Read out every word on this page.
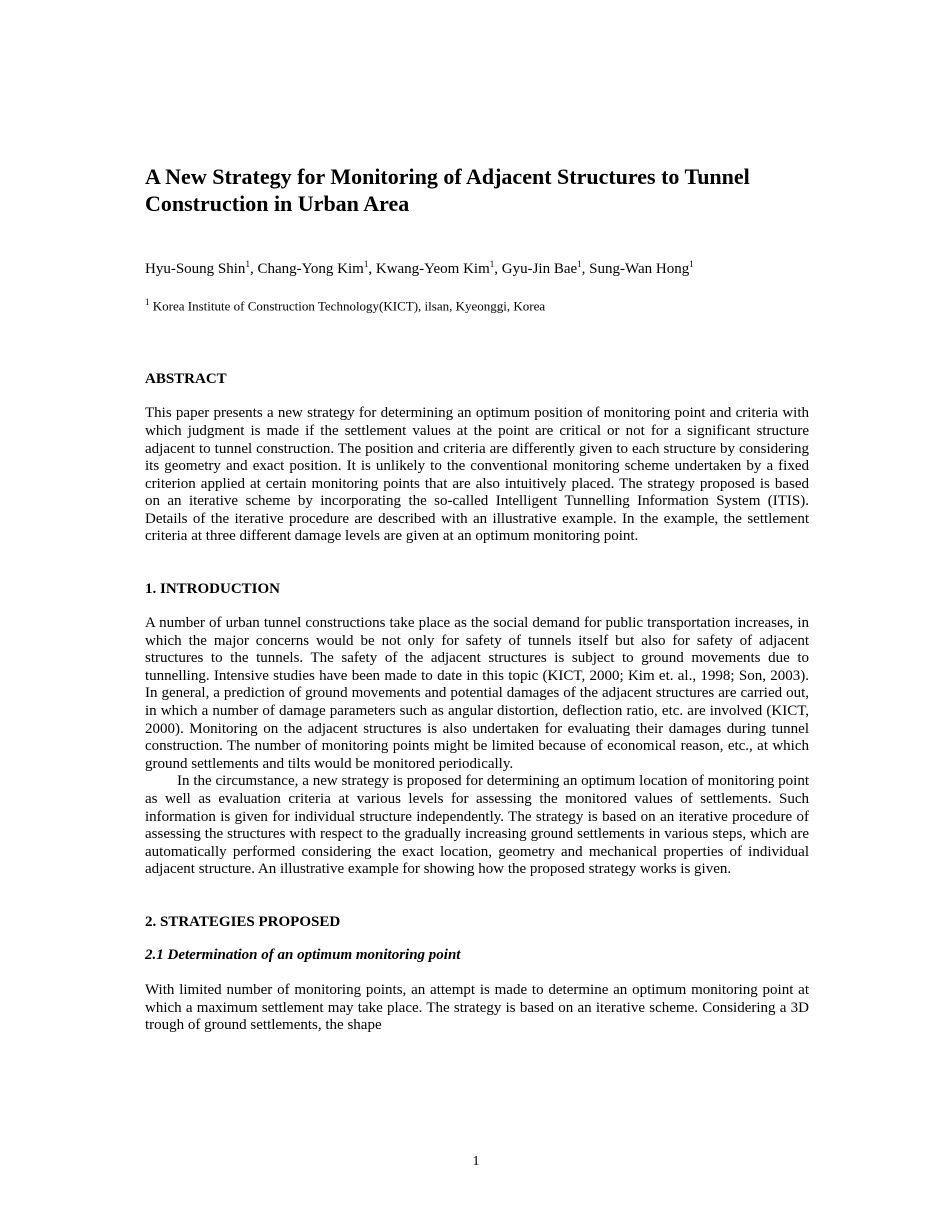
A New Strategy for Monitoring of Adjacent Structures to Tunnel Construction in Urban Area
Hyu-Soung Shin$^1$, Chang-Yong Kim$^1$, Kwang-Yeom Kim$^1$, Gyu-Jin Bae$^1$, Sung-Wan Hong$^1$
$^1$ Korea Institute of Construction Technology(KICT), ilsan, Kyeonggi, Korea
ABSTRACT

This paper presents a new strategy for determining an optimum position of monitoring point and criteria with which judgment is made if the settlement values at the point are critical or not for a significant structure adjacent to tunnel construction. The position and criteria are differently given to each structure by considering its geometry and exact position. It is unlikely to the conventional monitoring scheme undertaken by a fixed criterion applied at certain monitoring points that are also intuitively placed. The strategy proposed is based on an iterative scheme by incorporating the so-called Intelligent Tunnelling Information System (ITIS). Details of the iterative procedure are described with an illustrative example. In the example, the settlement criteria at three different damage levels are given at an optimum monitoring point.

1. INTRODUCTION

A number of urban tunnel constructions take place as the social demand for public transportation increases, in which the major concerns would be not only for safety of tunnels itself but also for safety of adjacent structures to the tunnels. The safety of the adjacent structures is subject to ground movements due to tunnelling. Intensive studies have been made to date in this topic (KICT, 2000; Kim et. al., 1998; Son, 2003). In general, a prediction of ground movements and potential damages of the adjacent structures are carried out, in which a number of damage parameters such as angular distortion, deflection ratio, etc. are involved (KICT, 2000). Monitoring on the adjacent structures is also undertaken for evaluating their damages during tunnel construction. The number of monitoring points might be limited because of economical reason, etc., at which ground settlements and tilts would be monitored periodically.

In the circumstance, a new strategy is proposed for determining an optimum location of monitoring point as well as evaluation criteria at various levels for assessing the monitored values of settlements. Such information is given for individual structure independently. The strategy is based on an iterative procedure of assessing the structures with respect to the gradually increasing ground settlements in various steps, which are automatically performed considering the exact location, geometry and mechanical properties of individual adjacent structure. An illustrative example for showing how the proposed strategy works is given.

2. STRATEGIES PROPOSED
2.1 Determination of an optimum monitoring point

With limited number of monitoring points, an attempt is made to determine an optimum monitoring point at which a maximum settlement may take place. The strategy is based on an iterative scheme. Considering a 3D trough of ground settlements, the shape

1
